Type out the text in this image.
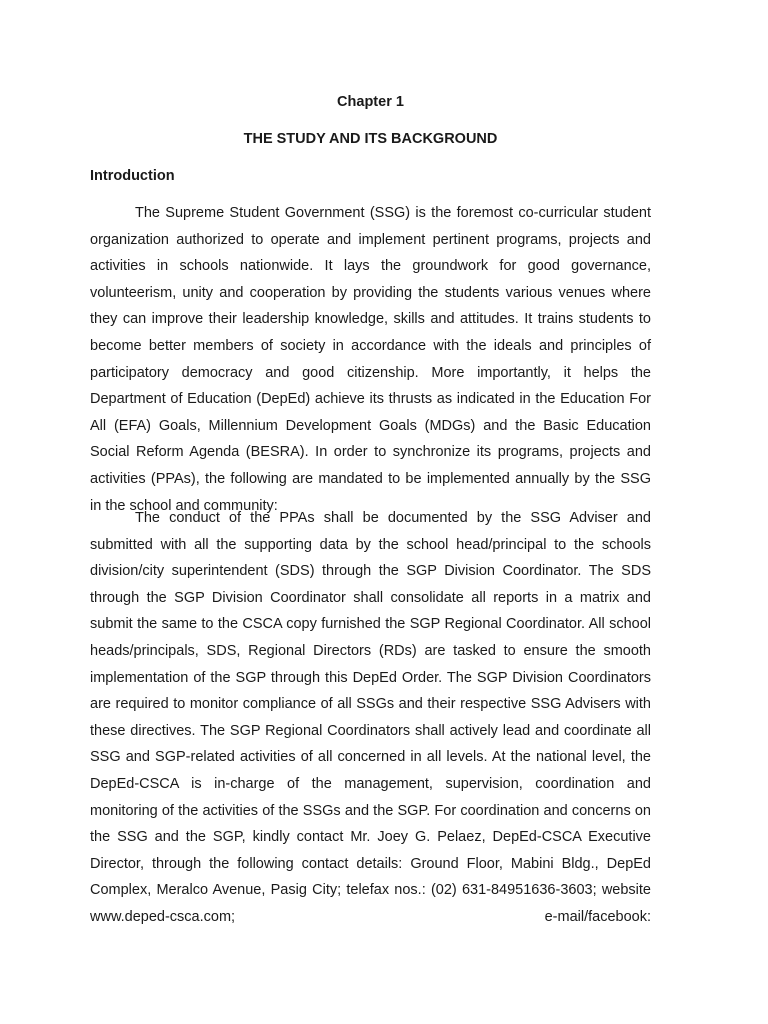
Chapter 1
THE STUDY AND ITS BACKGROUND
Introduction

The Supreme Student Government (SSG) is the foremost co-curricular student organization authorized to operate and implement pertinent programs, projects and activities in schools nationwide. It lays the groundwork for good governance, volunteerism, unity and cooperation by providing the students various venues where they can improve their leadership knowledge, skills and attitudes. It trains students to become better members of society in accordance with the ideals and principles of participatory democracy and good citizenship. More importantly, it helps the Department of Education (DepEd) achieve its thrusts as indicated in the Education For All (EFA) Goals, Millennium Development Goals (MDGs) and the Basic Education Social Reform Agenda (BESRA). In order to synchronize its programs, projects and activities (PPAs), the following are mandated to be implemented annually by the SSG in the school and community:

The conduct of the PPAs shall be documented by the SSG Adviser and submitted with all the supporting data by the school head/principal to the schools division/city superintendent (SDS) through the SGP Division Coordinator. The SDS through the SGP Division Coordinator shall consolidate all reports in a matrix and submit the same to the CSCA copy furnished the SGP Regional Coordinator. All school heads/principals, SDS, Regional Directors (RDs) are tasked to ensure the smooth implementation of the SGP through this DepEd Order. The SGP Division Coordinators are required to monitor compliance of all SSGs and their respective SSG Advisers with these directives. The SGP Regional Coordinators shall actively lead and coordinate all SSG and SGP-related activities of all concerned in all levels. At the national level, the DepEd-CSCA is in-charge of the management, supervision, coordination and monitoring of the activities of the SSGs and the SGP. For coordination and concerns on the SSG and the SGP, kindly contact Mr. Joey G. Pelaez, DepEd-CSCA Executive Director, through the following contact details: Ground Floor, Mabini Bldg., DepEd Complex, Meralco Avenue, Pasig City; telefax nos.: (02) 631-84951636-3603; website www.deped-csca.com; e-mail/facebook:
